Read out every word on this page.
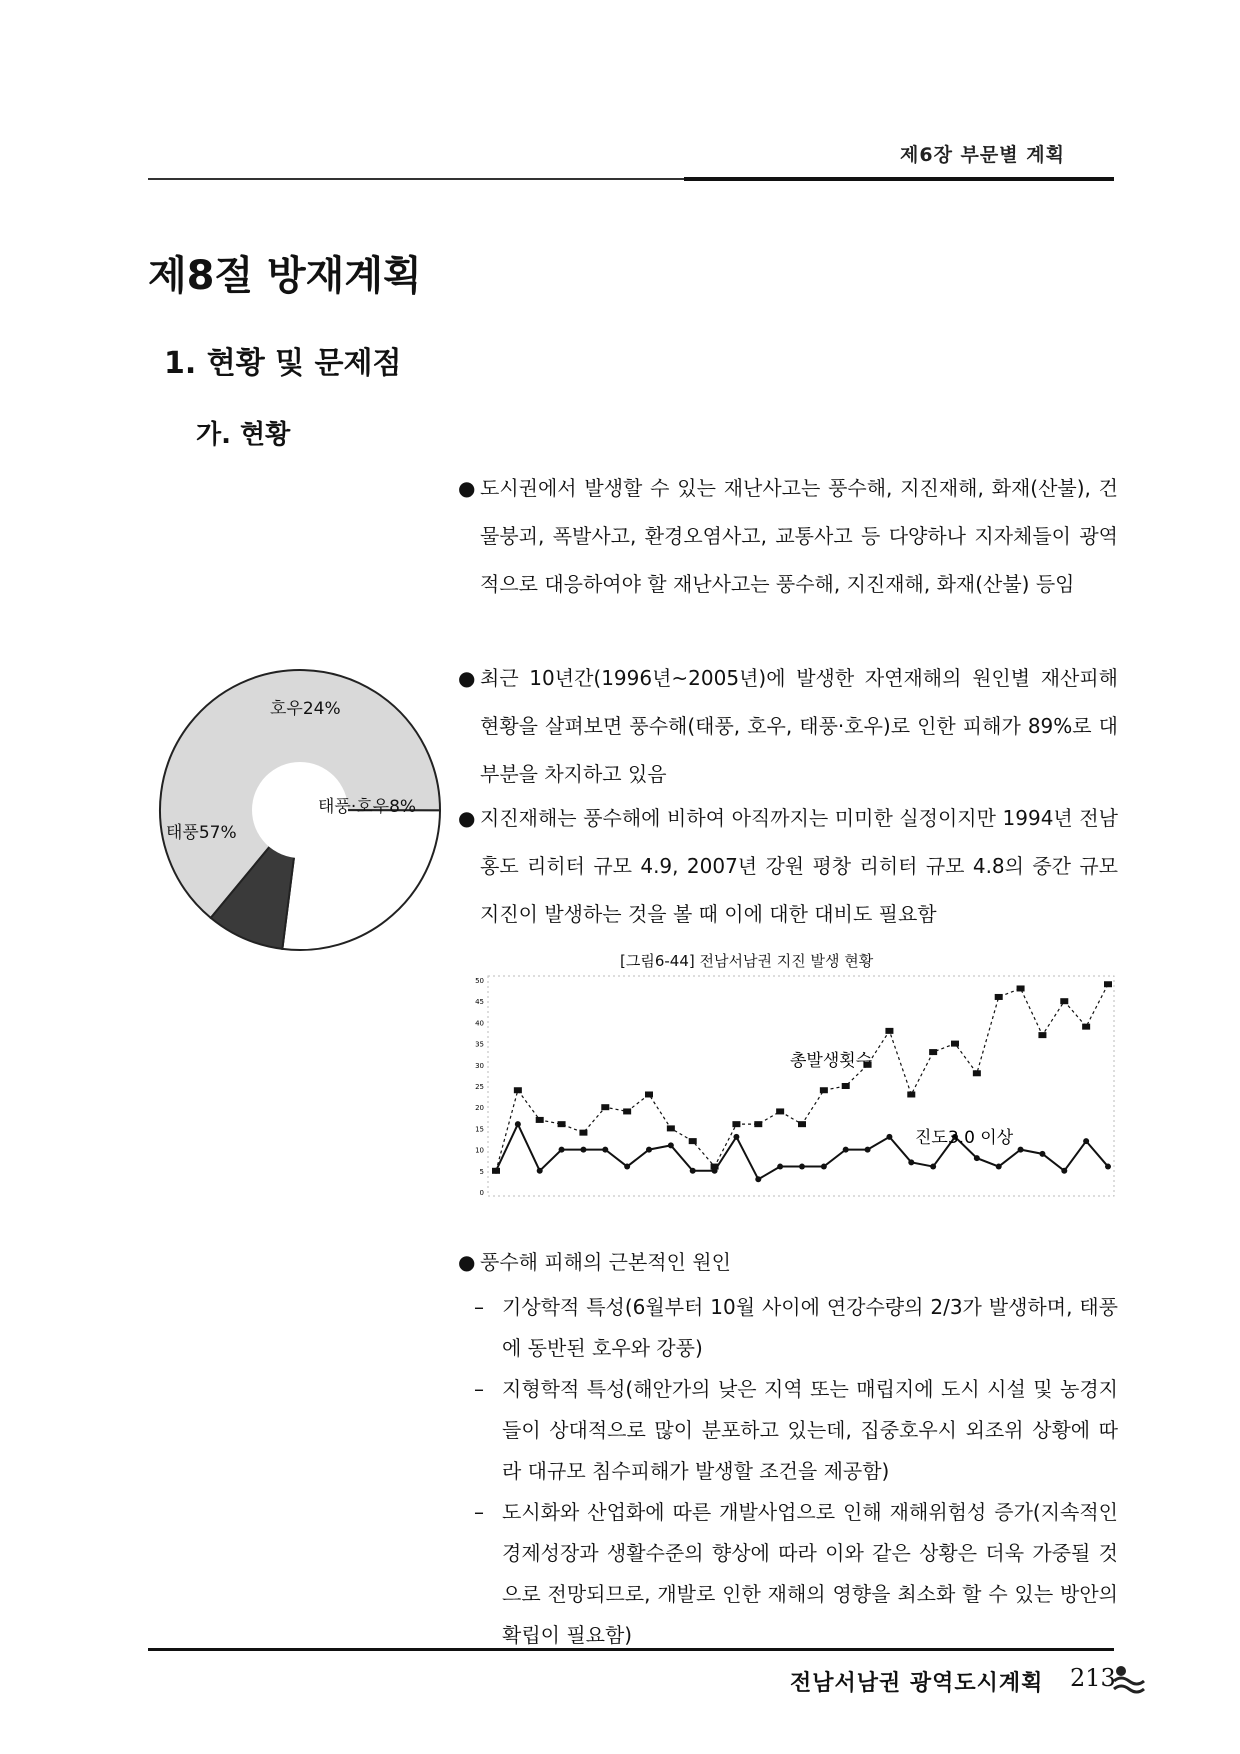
제6장 부문별 계획
제8절 방재계획
1. 현황 및 문제점
가. 현황
● 도시권에서 발생할 수 있는 재난사고는 풍수해, 지진재해, 화재(산불), 건물붕괴, 폭발사고, 환경오염사고, 교통사고 등 다양하나 지자체들이 광역적으로 대응하여야 할 재난사고는 풍수해, 지진재해, 화재(산불) 등임
● 최근 10년간(1996년~2005년)에 발생한 자연재해의 원인별 재산피해 현황을 살펴보면 풍수해(태풍, 호우, 태풍·호우)로 인한 피해가 89%로 대부분을 차지하고 있음
● 지진재해는 풍수해에 비하여 아직까지는 미미한 실정이지만 1994년 전남 홍도 리히터 규모 4.9, 2007년 강원 평창 리히터 규모 4.8의 중간 규모 지진이 발생하는 것을 볼 때 이에 대한 대비도 필요함
호우24%
태풍·호우8%
태풍57%
[그림6-44] 전남서남권 지진 발생 현황
0
5
10
15
20
25
30
35
40
45
50
총발생횟수
진도3.0 이상
● 풍수해 피해의 근본적인 원인
– 기상학적 특성(6월부터 10월 사이에 연강수량의 2/3가 발생하며, 태풍에 동반된 호우와 강풍)
– 지형학적 특성(해안가의 낮은 지역 또는 매립지에 도시 시설 및 농경지들이 상대적으로 많이 분포하고 있는데, 집중호우시 외조위 상황에 따라 대규모 침수피해가 발생할 조건을 제공함)
– 도시화와 산업화에 따른 개발사업으로 인해 재해위험성 증가(지속적인 경제성장과 생활수준의 향상에 따라 이와 같은 상황은 더욱 가중될 것으로 전망되므로, 개발로 인한 재해의 영향을 최소화 할 수 있는 방안의 확립이 필요함)
전남서남권 광역도시계획 213
